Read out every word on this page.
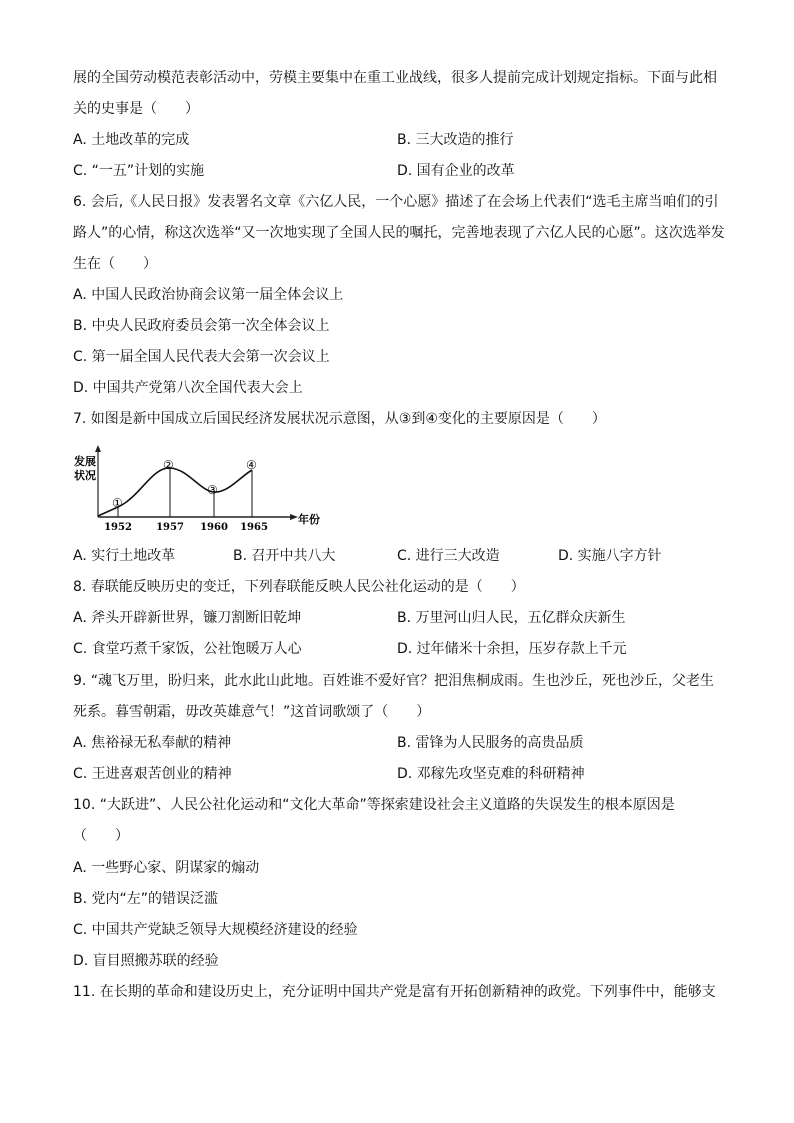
展的全国劳动模范表彰活动中，劳模主要集中在重工业战线，很多人提前完成计划规定指标。下面与此相
关的史事是（　　）
A. 土地改革的完成	B. 三大改造的推行
C. “一五”计划的实施	D. 国有企业的改革
6. 会后,《人民日报》发表署名文章《六亿人民，一个心愿》描述了在会场上代表们“选毛主席当咱们的引
路人”的心情，称这次选举“又一次地实现了全国人民的嘱托，完善地表现了六亿人民的心愿”。这次选举发
生在（　　）
A. 中国人民政治协商会议第一届全体会议上
B. 中央人民政府委员会第一次全体会议上
C. 第一届全国人民代表大会第一次会议上
D. 中国共产党第八次全国代表大会上
7. 如图是新中国成立后国民经济发展状况示意图，从③到④变化的主要原因是（　　）
发展
状况
年份
①
②
③
④
1952 1957 1960 1965
A. 实行土地改革	B. 召开中共八大	C. 进行三大改造	D. 实施八字方针
8. 春联能反映历史的变迁，下列春联能反映人民公社化运动的是（　　）
A. 斧头开辟新世界，镰刀割断旧乾坤	B. 万里河山归人民，五亿群众庆新生
C. 食堂巧煮千家饭，公社饱暖万人心	D. 过年储米十余担，压岁存款上千元
9. “魂飞万里，盼归来，此水此山此地。百姓谁不爱好官？把泪焦桐成雨。生也沙丘，死也沙丘，父老生
死系。暮雪朝霜，毋改英雄意气！”这首词歌颂了（　　）
A. 焦裕禄无私奉献的精神	B. 雷锋为人民服务的高贵品质
C. 王进喜艰苦创业的精神	D. 邓稼先攻坚克难的科研精神
10. “大跃进”、人民公社化运动和“文化大革命”等探索建设社会主义道路的失误发生的根本原因是
（　　）
A. 一些野心家、阴谋家的煽动
B. 党内“左”的错误泛滥
C. 中国共产党缺乏领导大规模经济建设的经验
D. 盲目照搬苏联的经验
11. 在长期的革命和建设历史上，充分证明中国共产党是富有开拓创新精神的政党。下列事件中，能够支
